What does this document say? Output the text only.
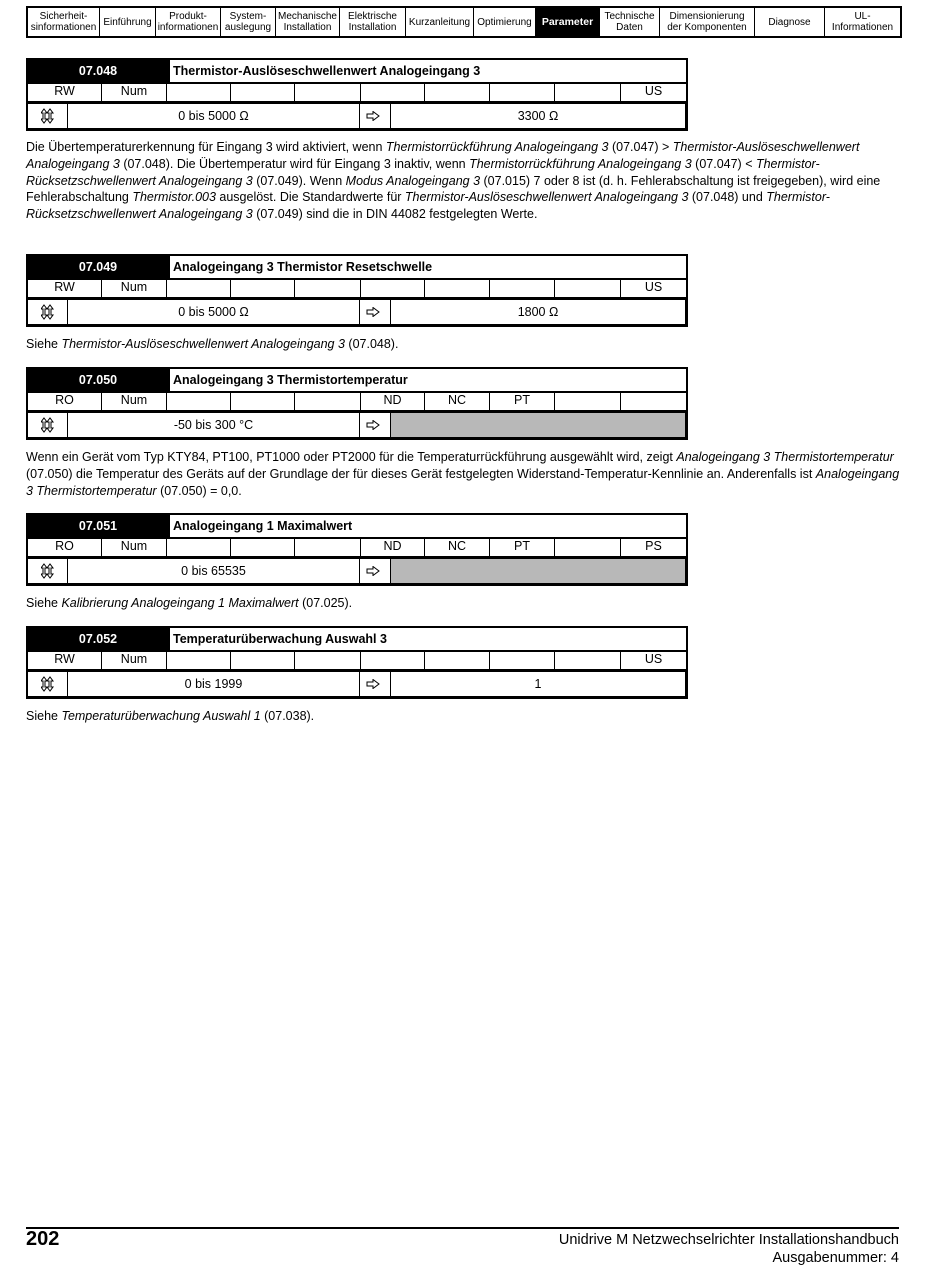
Sicherheit-
sinformationen Einführung	Produkt-
informationen
System-
auslegung
Mechanische
Installation
Elektrische
Installation	Kurzanleitung Optimierung Parameter	Technische
Daten
Dimensionierung
der Komponenten	Diagnose	UL-
Informationen
07.048	Thermistor-Auslöseschwellenwert Analogeingang 3
RW	Num	US
0 bis 5000 Ω	3300 Ω
Die Übertemperaturerkennung für Eingang 3 wird aktiviert, wenn Thermistorrückführung Analogeingang 3 (07.047) > Thermistor-Auslöseschwellenwert Analogeingang 3 (07.048). Die Übertemperatur wird für Eingang 3 inaktiv, wenn Thermistorrückführung Analogeingang 3 (07.047) < Thermistor-Rücksetzschwellenwert Analogeingang 3 (07.049). Wenn Modus Analogeingang 3 (07.015) 7 oder 8 ist (d. h. Fehlerabschaltung ist freigegeben), wird eine Fehlerabschaltung Thermistor.003 ausgelöst. Die Standardwerte für Thermistor-Auslöseschwellenwert Analogeingang 3 (07.048) und Thermistor-Rücksetzschwellenwert Analogeingang 3 (07.049) sind die in DIN 44082 festgelegten Werte.
07.049	Analogeingang 3 Thermistor Resetschwelle
RW	Num	US
0 bis 5000 Ω	1800 Ω
Siehe Thermistor-Auslöseschwellenwert Analogeingang 3 (07.048).
07.050	Analogeingang 3 Thermistortemperatur
RO	Num	ND	NC	PT
-50 bis 300 °C
Wenn ein Gerät vom Typ KTY84, PT100, PT1000 oder PT2000 für die Temperaturrückführung ausgewählt wird, zeigt Analogeingang 3 Thermistortemperatur (07.050) die Temperatur des Geräts auf der Grundlage der für dieses Gerät festgelegten Widerstand-Temperatur-Kennlinie an. Anderenfalls ist Analogeingang 3 Thermistortemperatur (07.050) = 0,0.
07.051	Analogeingang 1 Maximalwert
RO	Num	ND	NC	PT	PS
0 bis 65535
Siehe Kalibrierung Analogeingang 1 Maximalwert (07.025).
07.052	Temperaturüberwachung Auswahl 3
RW	Num	US
0 bis 1999	1
Siehe Temperaturüberwachung Auswahl 1 (07.038).
202	Unidrive M Netzwechselrichter Installationshandbuch
Ausgabenummer: 4
